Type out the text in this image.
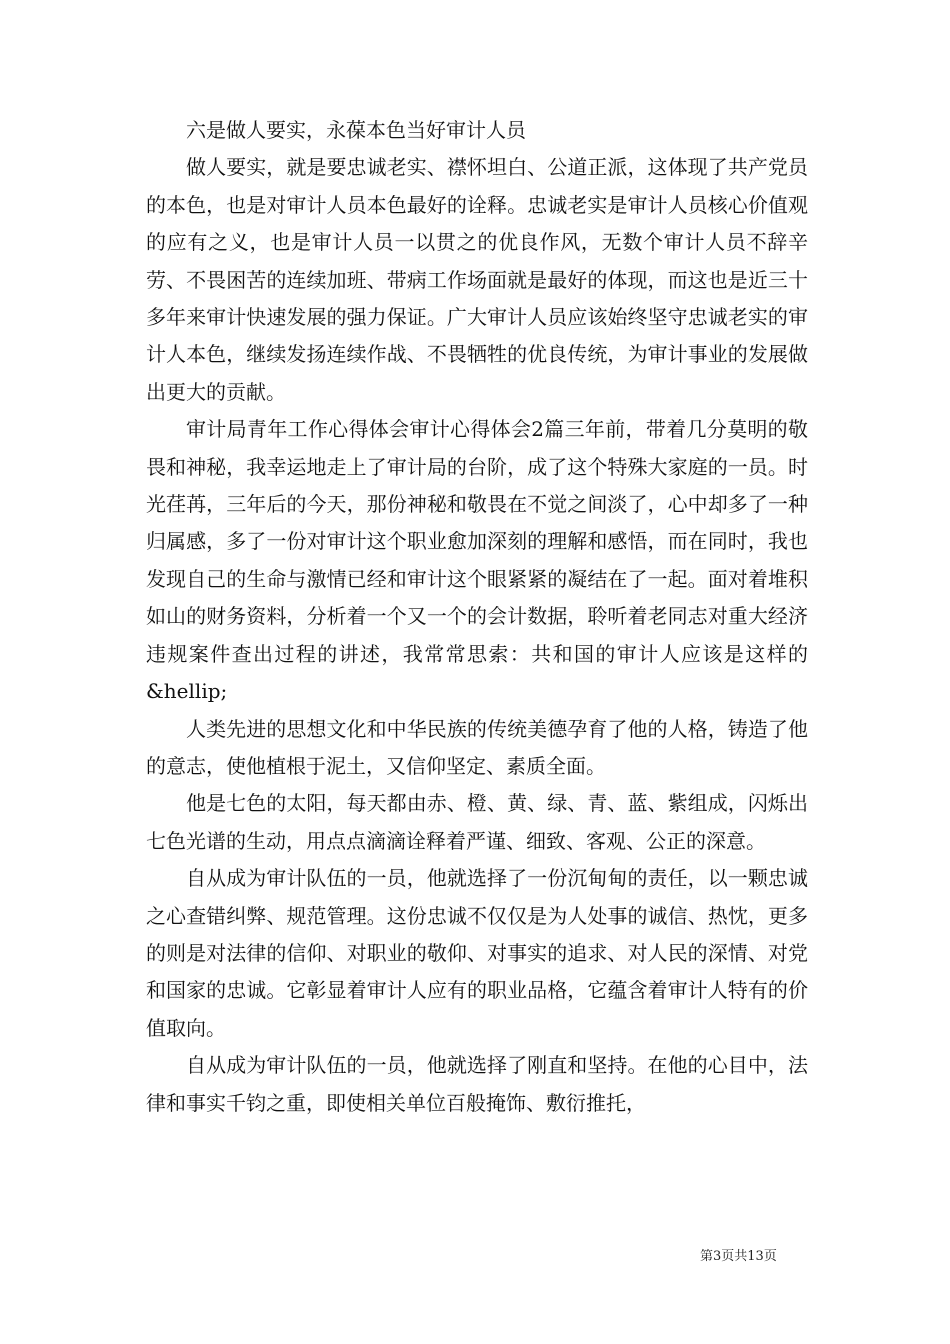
六是做人要实，永葆本色当好审计人员

做人要实，就是要忠诚老实、襟怀坦白、公道正派，这体现了共产党员的本色，也是对审计人员本色最好的诠释。忠诚老实是审计人员核心价值观的应有之义，也是审计人员一以贯之的优良作风，无数个审计人员不辞辛劳、不畏困苦的连续加班、带病工作场面就是最好的体现，而这也是近三十多年来审计快速发展的强力保证。广大审计人员应该始终坚守忠诚老实的审计人本色，继续发扬连续作战、不畏牺牲的优良传统，为审计事业的发展做出更大的贡献。

审计局青年工作心得体会审计心得体会2篇三年前，带着几分莫明的敬畏和神秘，我幸运地走上了审计局的台阶，成了这个特殊大家庭的一员。时光荏苒，三年后的今天，那份神秘和敬畏在不觉之间淡了，心中却多了一种归属感，多了一份对审计这个职业愈加深刻的理解和感悟，而在同时，我也发现自己的生命与激情已经和审计这个眼紧紧的凝结在了一起。面对着堆积如山的财务资料，分析着一个又一个的会计数据，聆听着老同志对重大经济违规案件查出过程的讲述，我常常思索：共和国的审计人应该是这样的&hellip;

人类先进的思想文化和中华民族的传统美德孕育了他的人格，铸造了他的意志，使他植根于泥土，又信仰坚定、素质全面。

他是七色的太阳，每天都由赤、橙、黄、绿、青、蓝、紫组成，闪烁出七色光谱的生动，用点点滴滴诠释着严谨、细致、客观、公正的深意。

自从成为审计队伍的一员，他就选择了一份沉甸甸的责任，以一颗忠诚之心查错纠弊、规范管理。这份忠诚不仅仅是为人处事的诚信、热忱，更多的则是对法律的信仰、对职业的敬仰、对事实的追求、对人民的深情、对党和国家的忠诚。它彰显着审计人应有的职业品格，它蕴含着审计人特有的价值取向。

自从成为审计队伍的一员，他就选择了刚直和坚持。在他的心目中，法律和事实千钧之重，即使相关单位百般掩饰、敷衍推托，

第3页共13页
